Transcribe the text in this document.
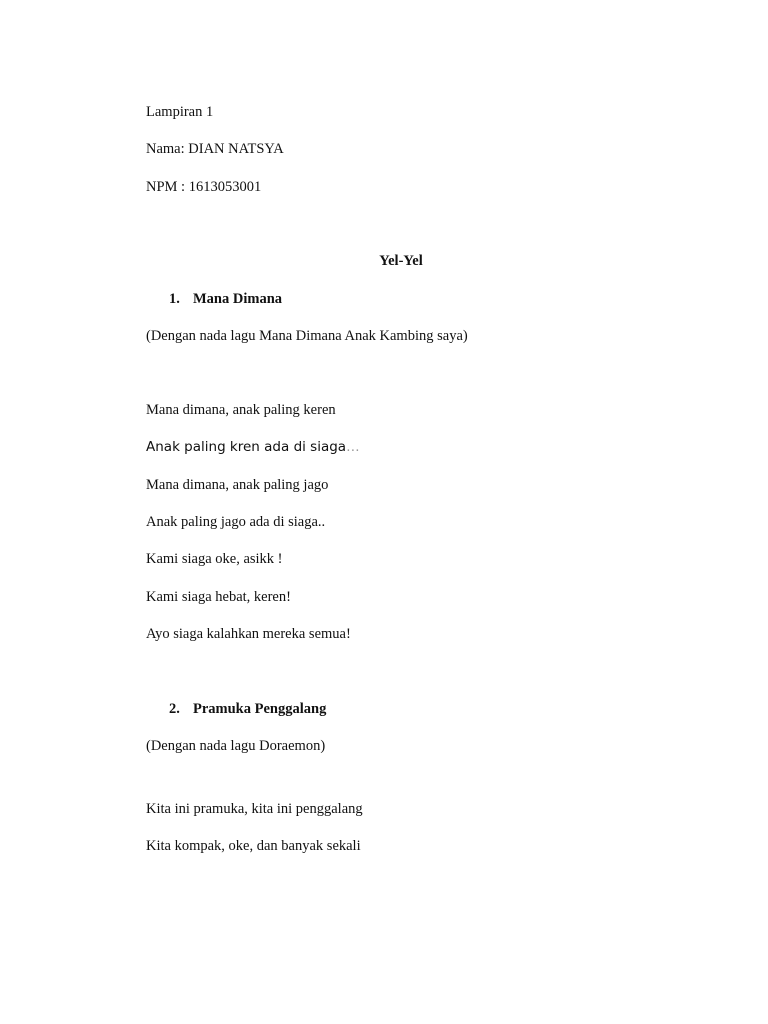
Lampiran 1
Nama: DIAN NATSYA
NPM : 1613053001
Yel-Yel
1. Mana Dimana
(Dengan nada lagu Mana Dimana Anak Kambing saya)
Mana dimana, anak paling keren
Anak paling kren ada di siaga…
Mana dimana, anak paling jago
Anak paling jago ada di siaga..
Kami siaga oke, asikk !
Kami siaga hebat, keren!
Ayo siaga kalahkan mereka semua!
2. Pramuka Penggalang
(Dengan nada lagu Doraemon)
Kita ini pramuka, kita ini penggalang
Kita kompak, oke, dan banyak sekali
